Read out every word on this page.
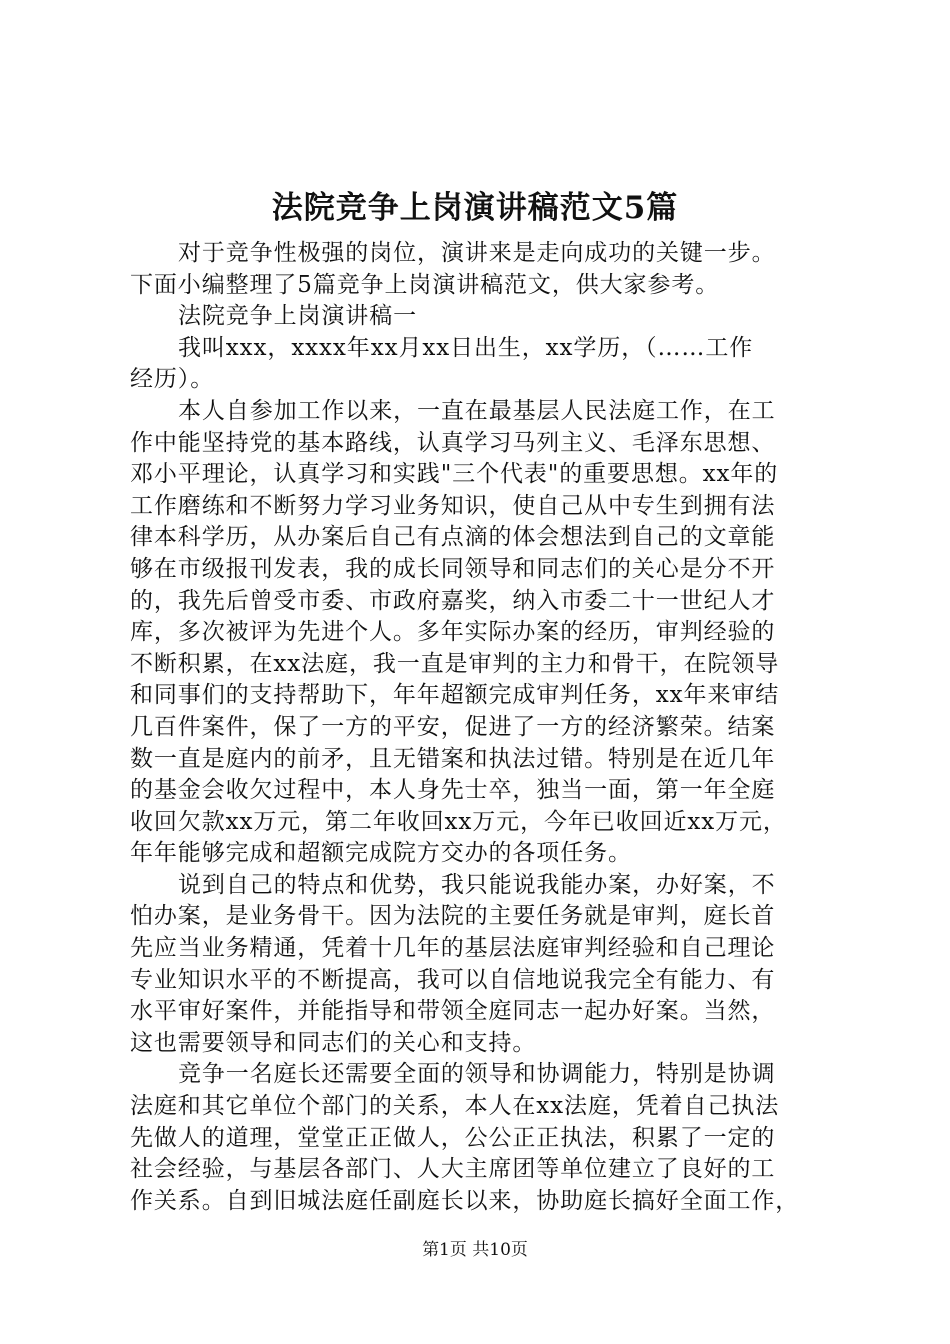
法院竞争上岗演讲稿范文5篇
对于竞争性极强的岗位，演讲来是走向成功的关键一步。
下面小编整理了5篇竞争上岗演讲稿范文，供大家参考。
法院竞争上岗演讲稿一
我叫xxx，xxxx年xx月xx日出生，xx学历，（……工作
经历）。
本人自参加工作以来，一直在最基层人民法庭工作，在工
作中能坚持党的基本路线，认真学习马列主义、毛泽东思想、
邓小平理论，认真学习和实践"三个代表"的重要思想。xx年的
工作磨练和不断努力学习业务知识，使自己从中专生到拥有法
律本科学历，从办案后自己有点滴的体会想法到自己的文章能
够在市级报刊发表，我的成长同领导和同志们的关心是分不开
的，我先后曾受市委、市政府嘉奖，纳入市委二十一世纪人才
库，多次被评为先进个人。多年实际办案的经历，审判经验的
不断积累，在xx法庭，我一直是审判的主力和骨干，在院领导
和同事们的支持帮助下，年年超额完成审判任务，xx年来审结
几百件案件，保了一方的平安，促进了一方的经济繁荣。结案
数一直是庭内的前矛，且无错案和执法过错。特别是在近几年
的基金会收欠过程中，本人身先士卒，独当一面，第一年全庭
收回欠款xx万元，第二年收回xx万元，今年已收回近xx万元，
年年能够完成和超额完成院方交办的各项任务。
说到自己的特点和优势，我只能说我能办案，办好案，不
怕办案，是业务骨干。因为法院的主要任务就是审判，庭长首
先应当业务精通，凭着十几年的基层法庭审判经验和自己理论
专业知识水平的不断提高，我可以自信地说我完全有能力、有
水平审好案件，并能指导和带领全庭同志一起办好案。当然，
这也需要领导和同志们的关心和支持。
竞争一名庭长还需要全面的领导和协调能力，特别是协调
法庭和其它单位个部门的关系，本人在xx法庭，凭着自己执法
先做人的道理，堂堂正正做人，公公正正执法，积累了一定的
社会经验，与基层各部门、人大主席团等单位建立了良好的工
作关系。自到旧城法庭任副庭长以来，协助庭长搞好全面工作，
第1页 共10页
